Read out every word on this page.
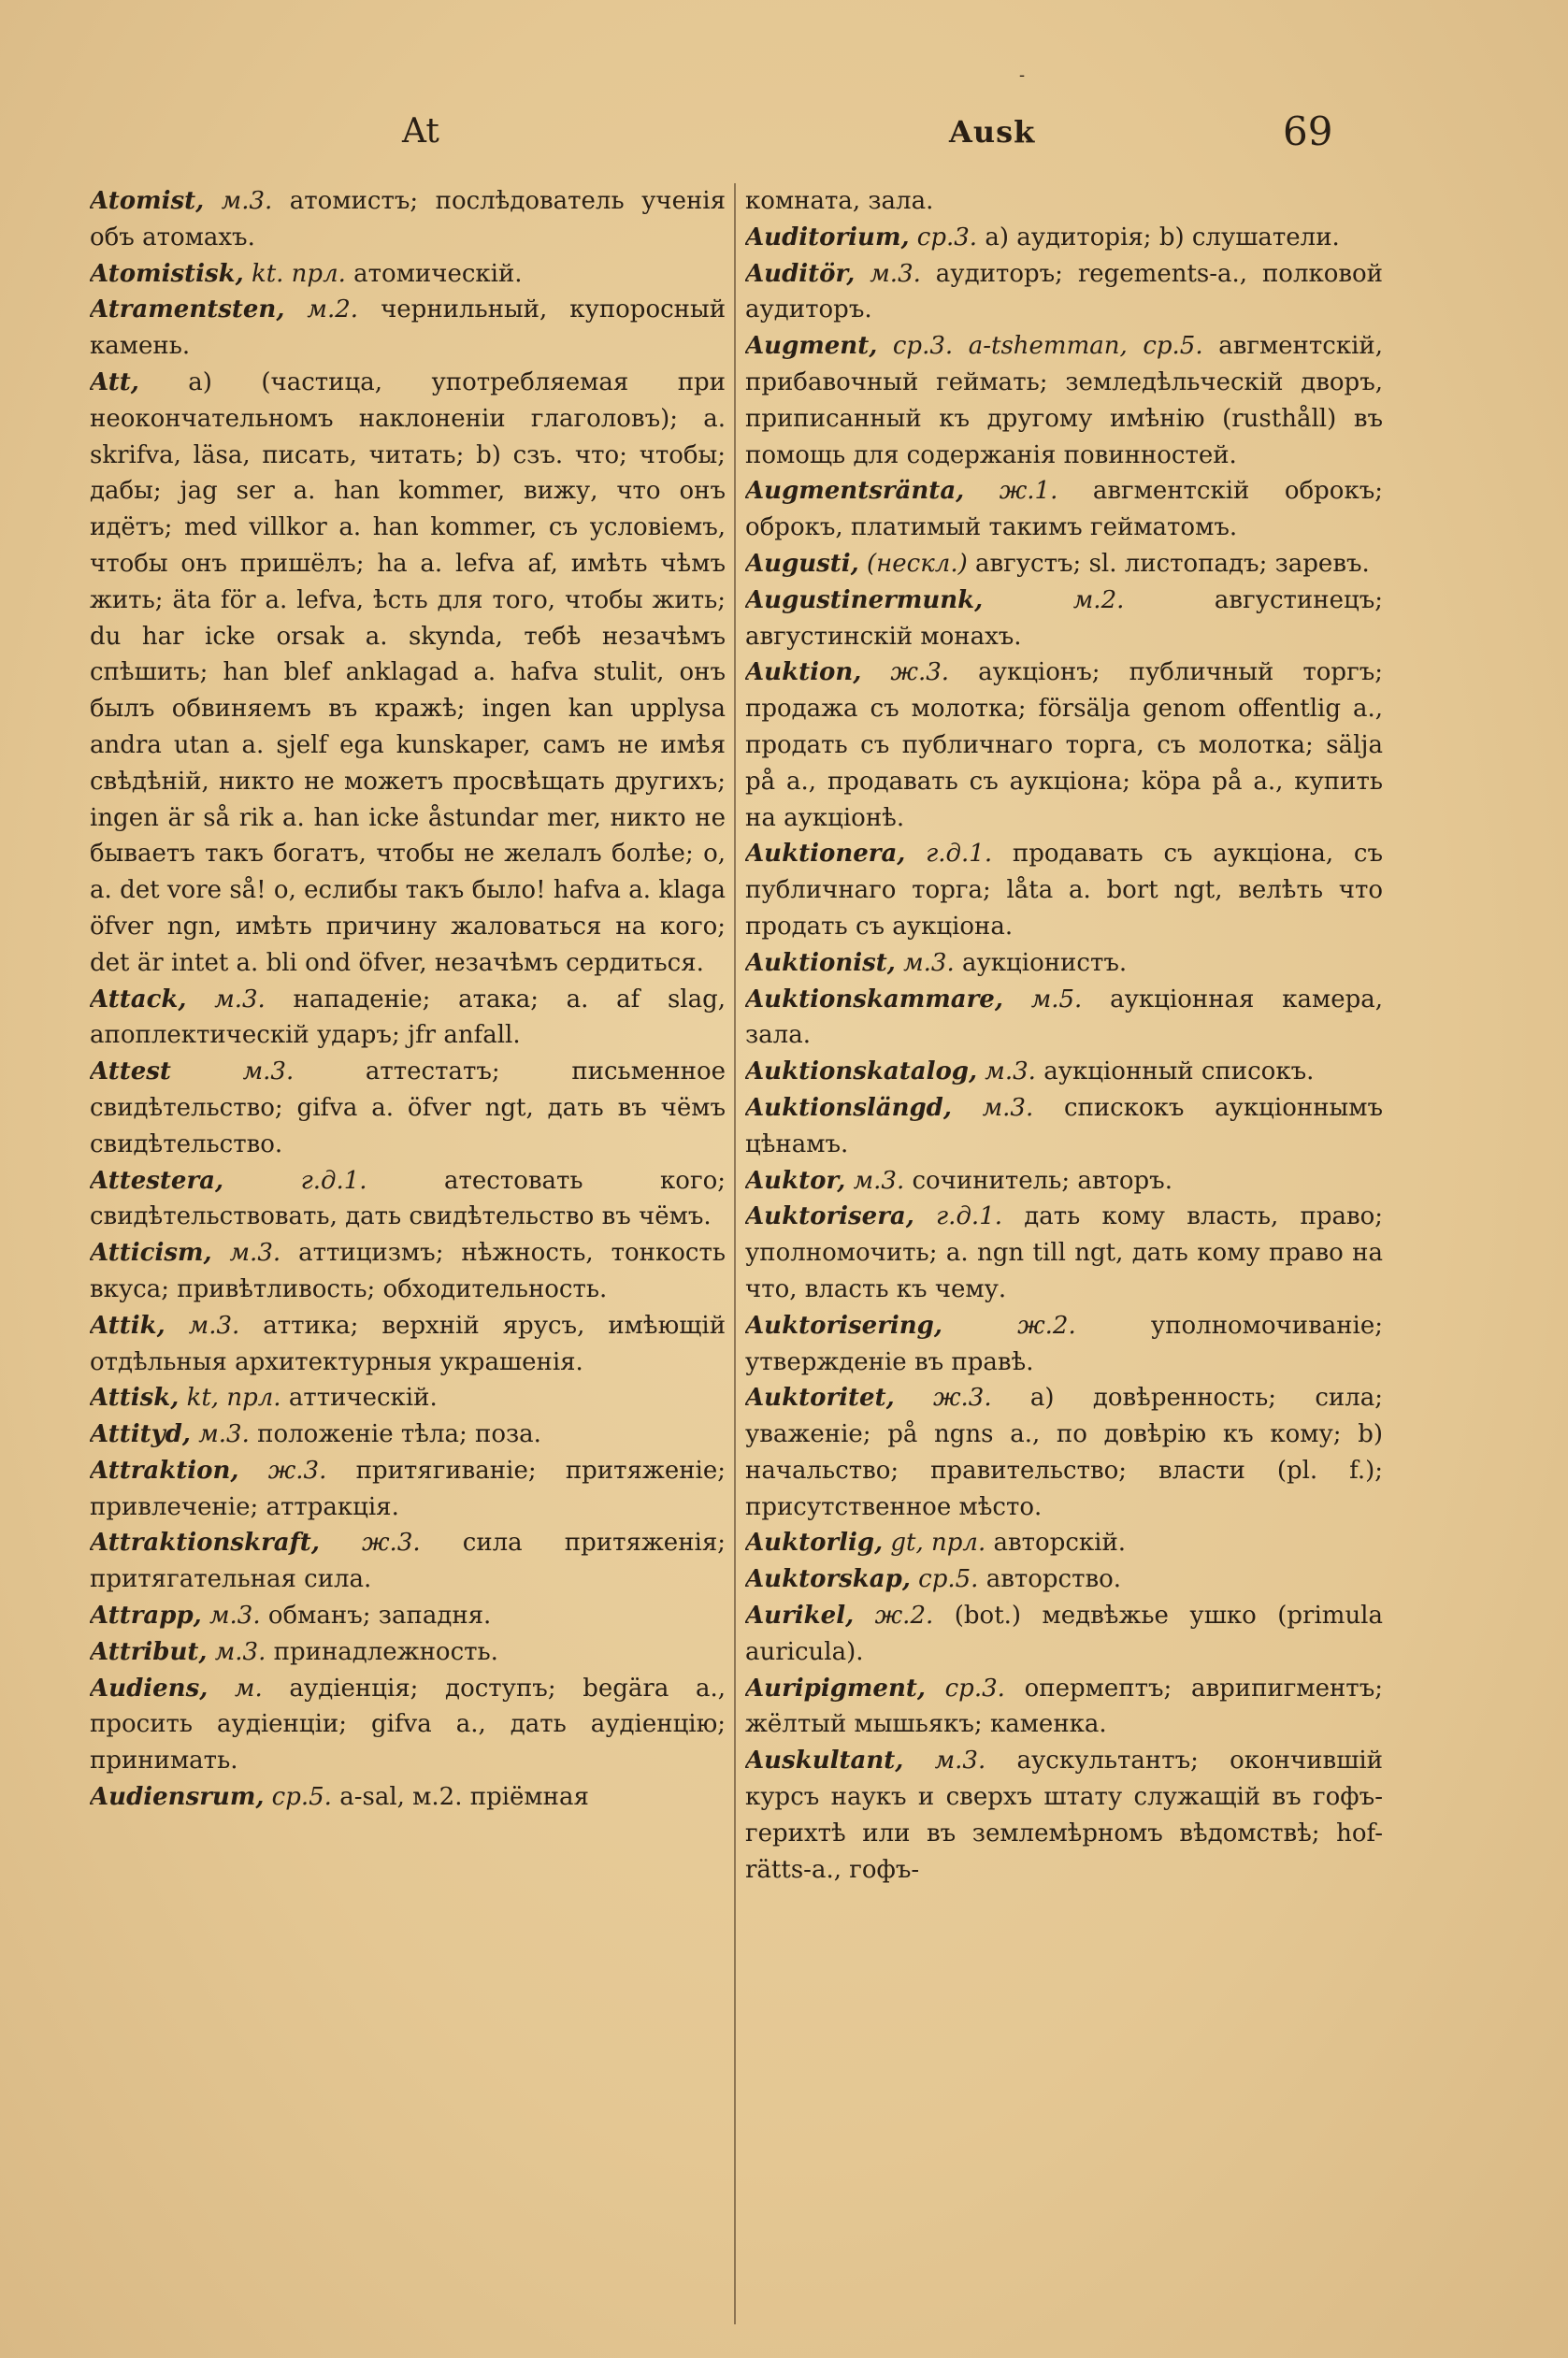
At	Ausk	69
-

Atomist, м.3. атомистъ; послѣдователь ученія объ атомахъ.

Atomistisk, kt. прл. атомическій.

Atramentsten, м.2. чернильный, купоросный камень.

Att, a) (частица, употребляемая при неокончательномъ наклоненіи глаголовъ); a. skrifva, läsa, писать, читать; b) сзъ. что; чтобы; дабы; jag ser a. han kommer, вижу, что онъ идётъ; med villkor a. han kommer, съ условіемъ, чтобы онъ пришёлъ; ha a. lefva af, имѣть чѣмъ жить; äta för a. lefva, ѣсть для того, чтобы жить; du har icke orsak a. skynda, тебѣ незачѣмъ спѣшить; han blef anklagad a. hafva stulit, онъ былъ обвиняемъ въ кражѣ; ingen kan upplysa andra utan a. sjelf ega kunskaper, самъ не имѣя свѣдѣній, никто не можетъ просвѣщать другихъ; ingen är så rik a. han icke åstundar mer, никто не бываетъ такъ богатъ, чтобы не желалъ болѣе; o, a. det vore så! о, еслибы такъ было! hafva a. klaga öfver ngn, имѣть причину жаловаться на кого; det är intet a. bli ond öfver, незачѣмъ сердиться.

Attack, м.3. нападеніе; атака; a. af slag, апоплектическій ударъ; jfr anfall.

Attest	м.3.	аттестатъ; письменное свидѣтельство; gifva a. öfver ngt, дать въ чёмъ свидѣтельство.

Attestera,	г.д.1.	атестовать кого; свидѣтельствовать, дать свидѣтельство въ чёмъ.

Atticism, м.3. аттицизмъ; нѣжность, тонкость вкуса; привѣтливость; обходительность.

Attik, м.3. аттика; верхній ярусъ, имѣющій отдѣльныя архитектурныя украшенія.

Attisk, kt, прл. аттическій.

Attityd, м.3. положеніе тѣла; поза.

Attraktion, ж.3. притягиваніе; притяженіе; привлеченіе; аттракція.

Attraktionskraft, ж.3. сила притяженія; притягательная сила.

Attrapp, м.3. обманъ; западня.

Attribut, м.3. принадлежность.

Audiens, м. аудіенція; доступъ; begära a., просить аудіенціи; gifva a., дать аудіенцію; принимать.

Audiensrum, ср.5. a-sal, м.2. пріёмная

комната, зала.

Auditorium, ср.3. a) аудиторія; b) слушатели.

Auditör, м.3. аудиторъ; regements-a., полковой аудиторъ.

Augment, ср.3. a-tshemman, ср.5. авгментскій, прибавочный геймать; земледѣльческій дворъ, приписанный къ другому имѣнію (rusthåll) въ помощь для содержанія повинностей.

Augmentsränta, ж.1. авгментскій оброкъ; оброкъ, платимый такимъ гейматомъ.

Augusti, (нескл.) августъ; sl. листопадъ; заревъ.

Augustinermunk,	м.2.	августинецъ; августинскій монахъ.

Auktion, ж.3. аукціонъ; публичный торгъ; продажа съ молотка; försälja genom offentlig a., продать съ публичнаго торга, съ молотка; sälja på a., продавать съ аукціона; köpa på a., купить на аукціонѣ.

Auktionera, г.д.1. продавать съ аукціона, съ публичнаго торга; låta a. bort ngt, велѣть что продать съ аукціона.

Auktionist, м.3. аукціонистъ.

Auktionskammare, м.5. аукціонная камера, зала.

Auktionskatalog, м.3. аукціонный списокъ.

Auktionslängd, м.3. спискокъ аукціоннымъ цѣнамъ.

Auktor, м.3. сочинитель; авторъ.

Auktorisera, г.д.1. дать кому власть, право; уполномочить; a. ngn till ngt, дать кому право на что, власть къ чему.

Auktorisering,	ж.2.	уполномочиваніе; утвержденіе въ правѣ.

Auktoritet, ж.3. a) довѣренность; сила; уваженіе; på ngns a., по довѣрію къ кому; b) начальство; правительство; власти (pl. f.); присутственное мѣсто.

Auktorlig, gt, прл. авторскій.

Auktorskap, ср.5. авторство.

Aurikel, ж.2. (bot.) медвѣжье ушко (primula auricula).

Auripigment, ср.3. опермептъ; аврипигментъ; жёлтый мышьякъ; каменка.

Auskultant, м.3. аускультантъ; окончившій курсъ наукъ и сверхъ штату служащій въ гофъ-герихтѣ или въ землемѣрномъ вѣдомствѣ; hof-rätts-a., гофъ-
